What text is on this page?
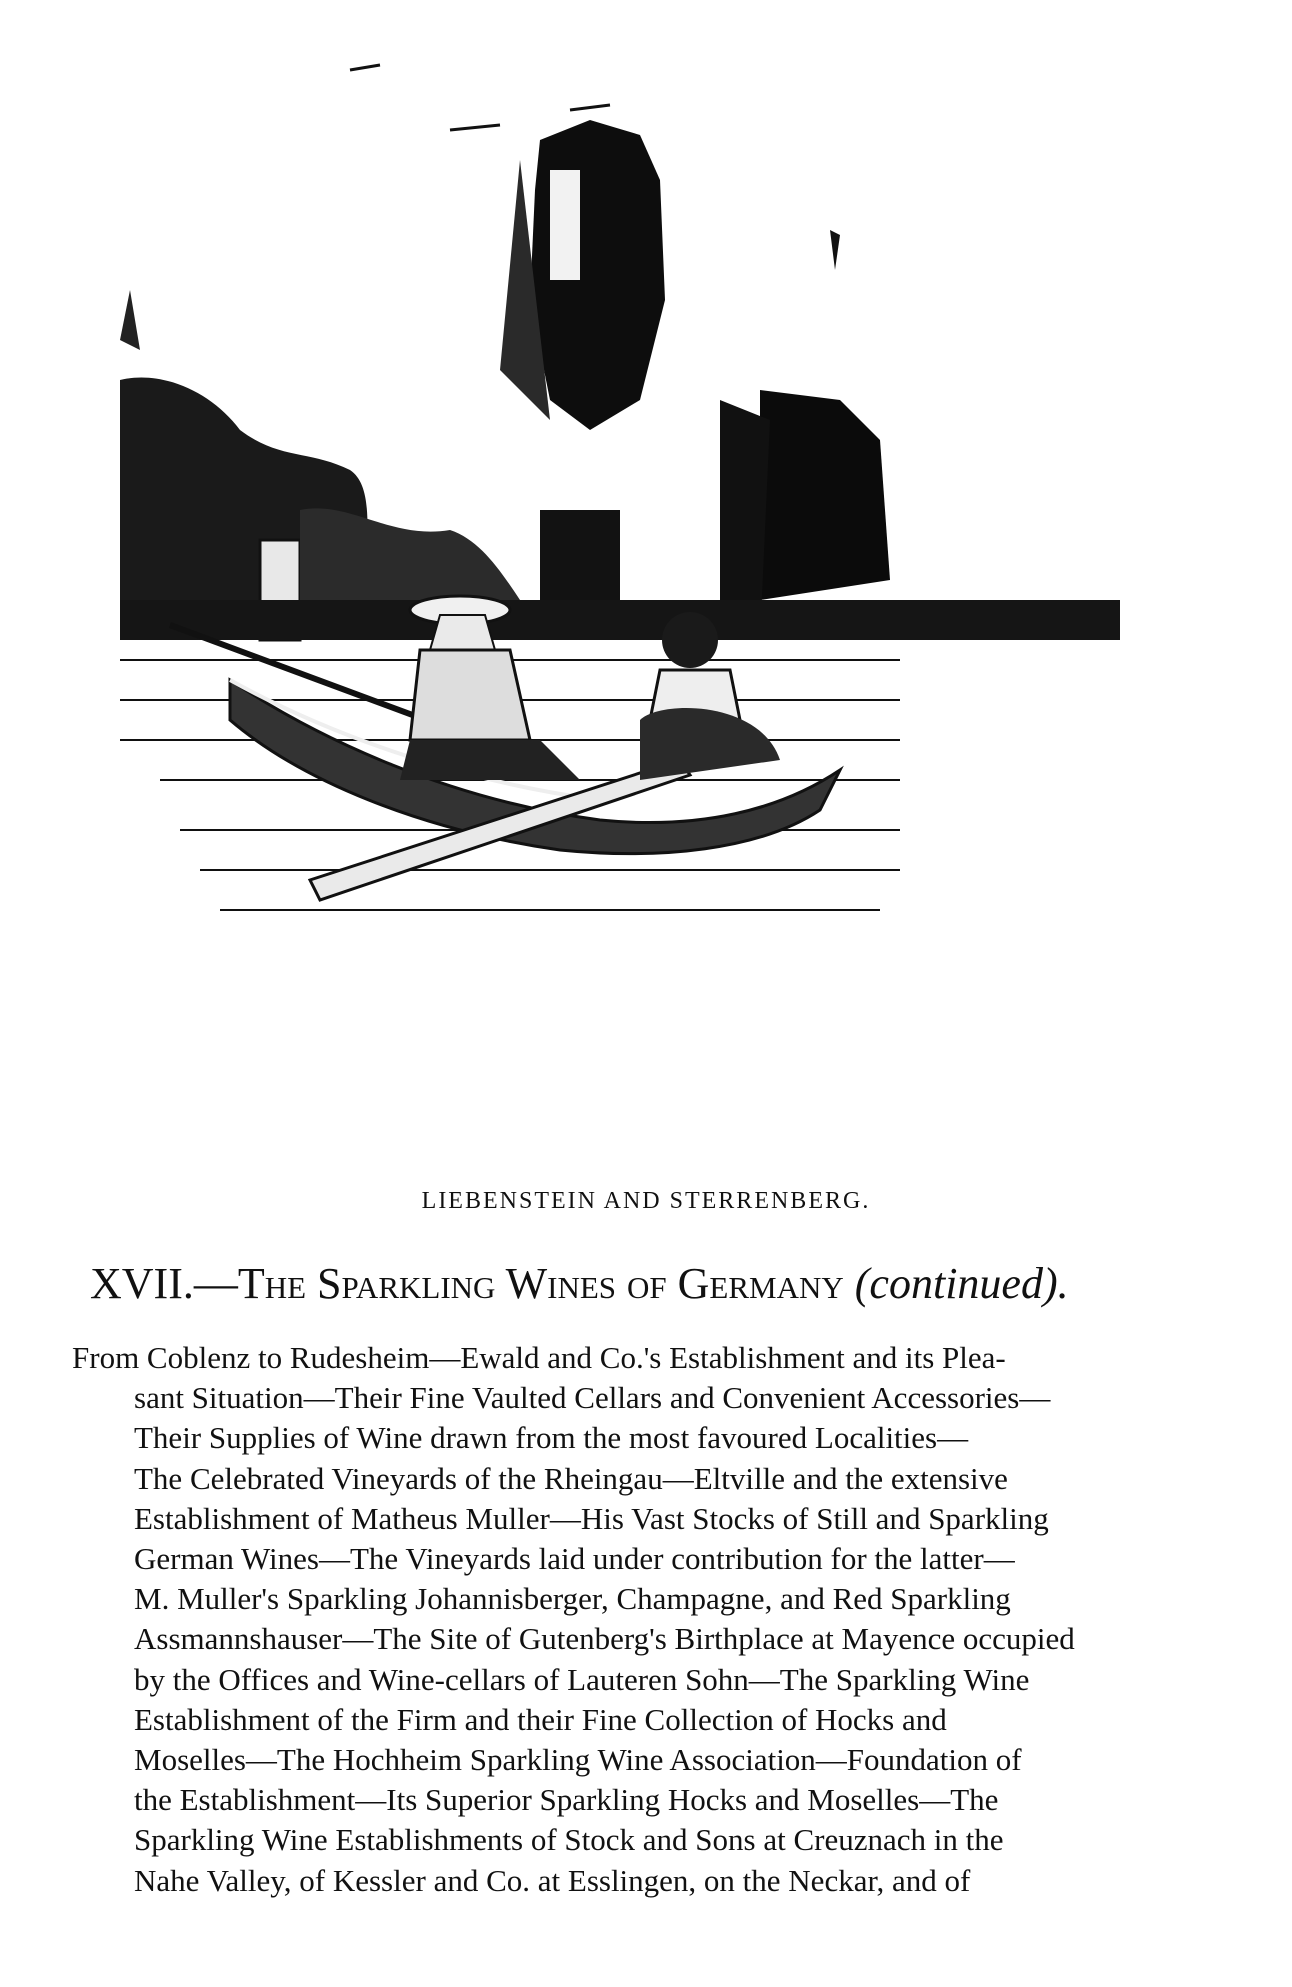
LIEBENSTEIN AND STERRENBERG.
XVII.—The Sparkling Wines of Germany (continued).
From Coblenz to Rudesheim—Ewald and Co.'s Establishment and its Plea-
sant Situation—Their Fine Vaulted Cellars and Convenient Accessories—
Their Supplies of Wine drawn from the most favoured Localities—
The Celebrated Vineyards of the Rheingau—Eltville and the extensive
Establishment of Matheus Muller—His Vast Stocks of Still and Sparkling
German Wines—The Vineyards laid under contribution for the latter—
M. Muller's Sparkling Johannisberger, Champagne, and Red Sparkling
Assmannshauser—The Site of Gutenberg's Birthplace at Mayence occupied
by the Offices and Wine-cellars of Lauteren Sohn—The Sparkling Wine
Establishment of the Firm and their Fine Collection of Hocks and
Moselles—The Hochheim Sparkling Wine Association—Foundation of
the Establishment—Its Superior Sparkling Hocks and Moselles—The
Sparkling Wine Establishments of Stock and Sons at Creuznach in the
Nahe Valley, of Kessler and Co. at Esslingen, on the Neckar, and of
